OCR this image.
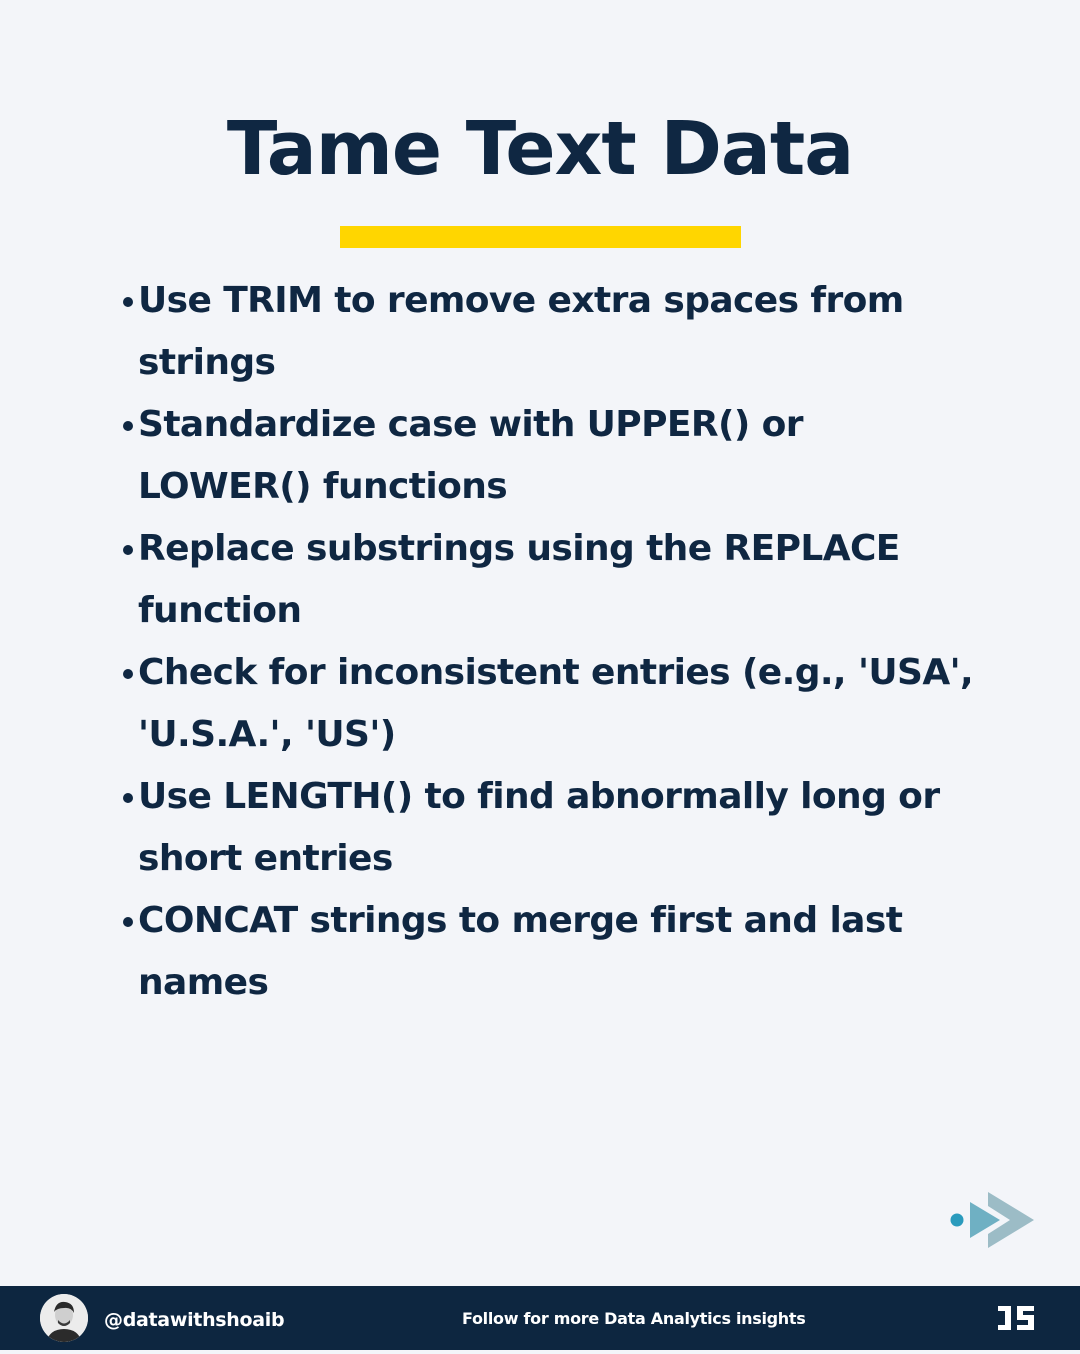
Tame Text Data
Use TRIM to remove extra spaces from strings
Standardize case with UPPER() or LOWER() functions
Replace substrings using the REPLACE function
Check for inconsistent entries (e.g., 'USA', 'U.S.A.', 'US')
Use LENGTH() to find abnormally long or short entries
CONCAT strings to merge first and last names
@datawithshoaib	Follow for more Data Analytics insights
